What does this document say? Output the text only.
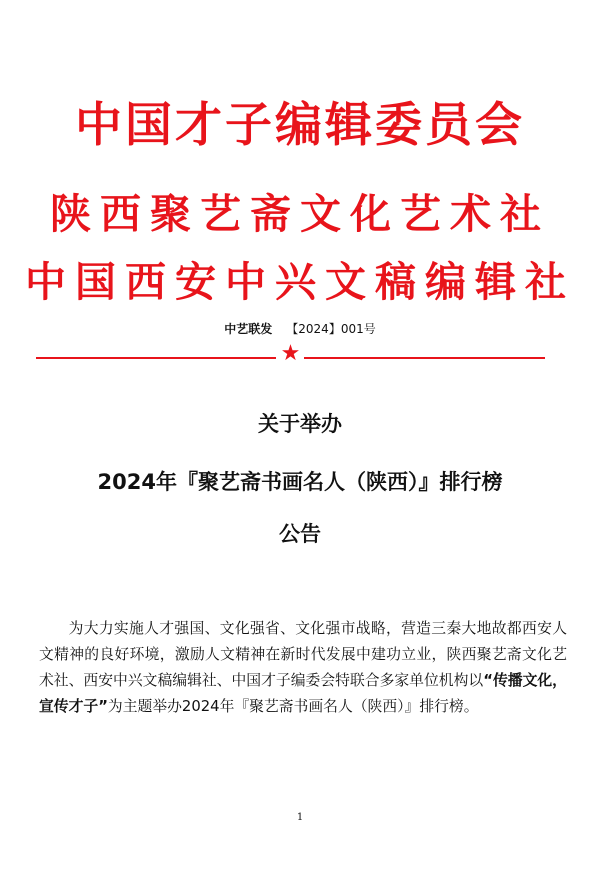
中国才子编辑委员会
陕西聚艺斋文化艺术社
中国西安中兴文稿编辑社
中艺联发 【2024】001号
★
关于举办
2024年『聚艺斋书画名人（陕西）』排行榜
公告

为大力实施人才强国、文化强省、文化强市战略，营造三秦大地故都西安人文精神的良好环境，激励人文精神在新时代发展中建功立业，陕西聚艺斋文化艺术社、西安中兴文稿编辑社、中国才子编委会特联合多家单位机构以“传播文化，宣传才子”为主题举办2024年『聚艺斋书画名人（陕西）』排行榜。

1
